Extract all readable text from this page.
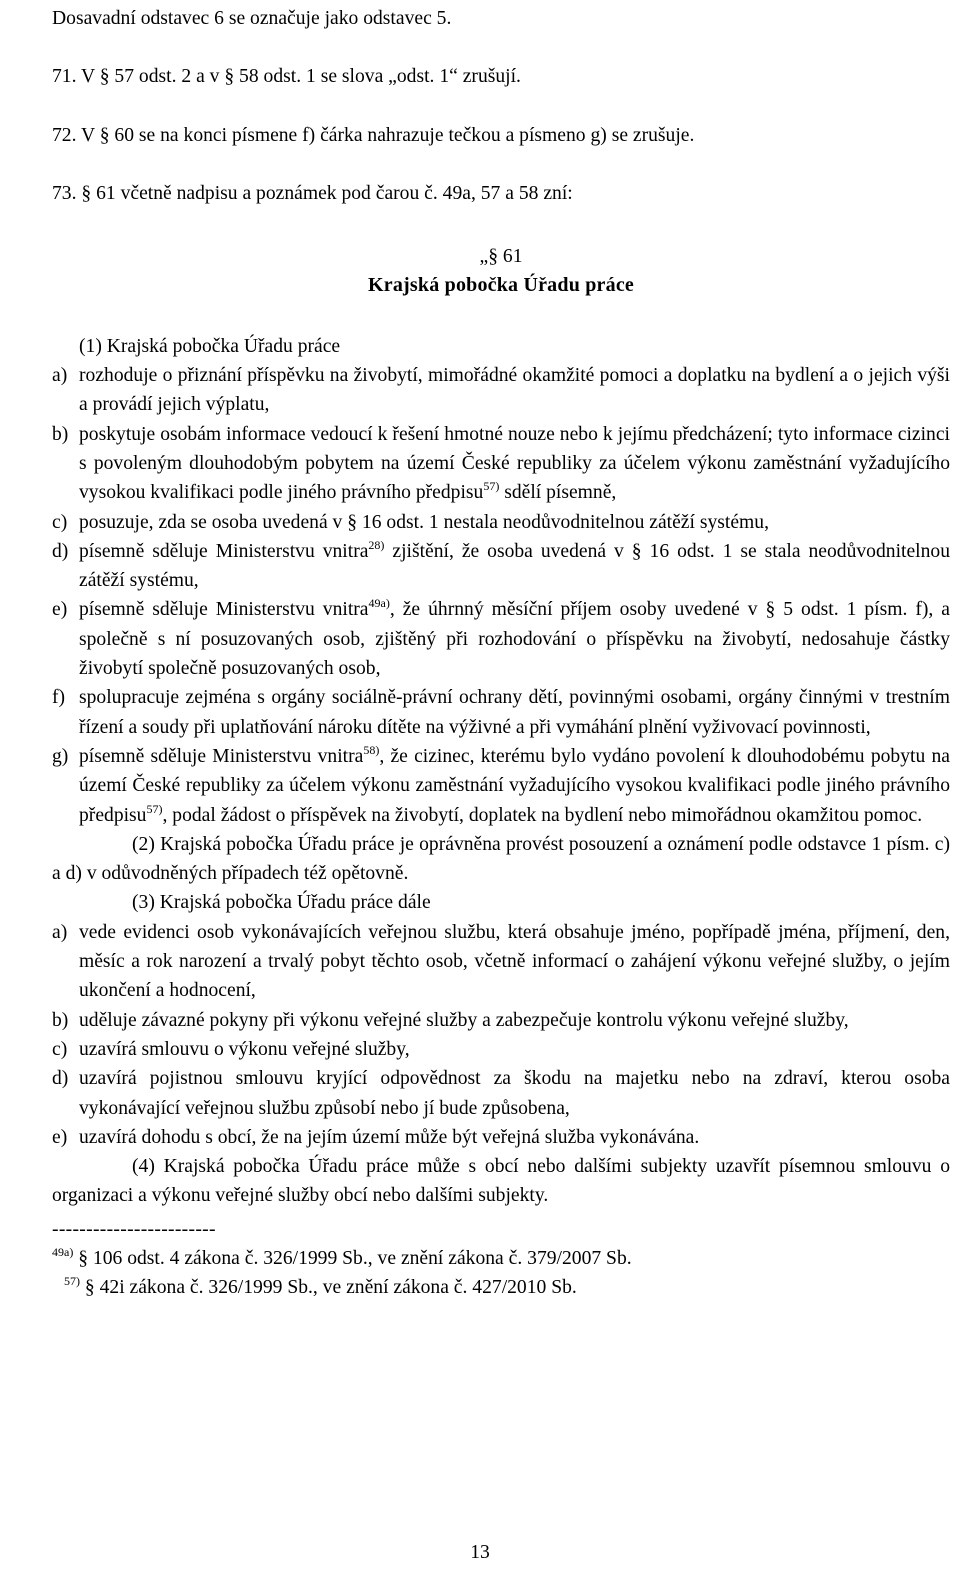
Dosavadní odstavec 6 se označuje jako odstavec 5.

71. V § 57 odst. 2 a v § 58 odst. 1 se slova „odst. 1“ zrušují.

72. V § 60 se na konci písmene f) čárka nahrazuje tečkou a písmeno g) se zrušuje.

73. § 61 včetně nadpisu a poznámek pod čarou č. 49a, 57 a 58 zní:

„§ 61
Krajská pobočka Úřadu práce
(1) Krajská pobočka Úřadu práce

a) rozhoduje o přiznání příspěvku na živobytí, mimořádné okamžité pomoci a doplatku na bydlení a o jejich výši a provádí jejich výplatu,

b) poskytuje osobám informace vedoucí k řešení hmotné nouze nebo k jejímu předcházení; tyto informace cizinci s povoleným dlouhodobým pobytem na území České republiky za účelem výkonu zaměstnání vyžadujícího vysokou kvalifikaci podle jiného právního předpisu$^{57)}$ sdělí písemně,

c) posuzuje, zda se osoba uvedená v § 16 odst. 1 nestala neodůvodnitelnou zátěží systému,

d) písemně sděluje Ministerstvu vnitra$^{28)}$ zjištění, že osoba uvedená v § 16 odst. 1 se stala neodůvodnitelnou zátěží systému,

e) písemně sděluje Ministerstvu vnitra$^{49a)}$, že úhrnný měsíční příjem osoby uvedené v § 5 odst. 1 písm. f), a společně s ní posuzovaných osob, zjištěný při rozhodování o příspěvku na živobytí, nedosahuje částky živobytí společně posuzovaných osob,

f) spolupracuje zejména s orgány sociálně-právní ochrany dětí, povinnými osobami, orgány činnými v trestním řízení a soudy při uplatňování nároku dítěte na výživné a při vymáhání plnění vyživovací povinnosti,

g) písemně sděluje Ministerstvu vnitra$^{58)}$, že cizinec, kterému bylo vydáno povolení k dlouhodobému pobytu na území České republiky za účelem výkonu zaměstnání vyžadujícího vysokou kvalifikaci podle jiného právního předpisu$^{57)}$, podal žádost o příspěvek na živobytí, doplatek na bydlení nebo mimořádnou okamžitou pomoc.

(2) Krajská pobočka Úřadu práce je oprávněna provést posouzení a oznámení podle odstavce 1 písm. c) a d) v odůvodněných případech též opětovně.

(3) Krajská pobočka Úřadu práce dále

a) vede evidenci osob vykonávajících veřejnou službu, která obsahuje jméno, popřípadě jména, příjmení, den, měsíc a rok narození a trvalý pobyt těchto osob, včetně informací o zahájení výkonu veřejné služby, o jejím ukončení a hodnocení,

b) uděluje závazné pokyny při výkonu veřejné služby a zabezpečuje kontrolu výkonu veřejné služby,

c) uzavírá smlouvu o výkonu veřejné služby,

d) uzavírá pojistnou smlouvu kryjící odpovědnost za škodu na majetku nebo na zdraví, kterou osoba vykonávající veřejnou službu způsobí nebo jí bude způsobena,

e) uzavírá dohodu s obcí, že na jejím území může být veřejná služba vykonávána.

(4) Krajská pobočka Úřadu práce může s obcí nebo dalšími subjekty uzavřít písemnou smlouvu o organizaci a výkonu veřejné služby obcí nebo dalšími subjekty.

------------------------

$^{49a)}$ § 106 odst. 4 zákona č. 326/1999 Sb., ve znění zákona č. 379/2007 Sb.

$^{57)}$ § 42i zákona č. 326/1999 Sb., ve znění zákona č. 427/2010 Sb.

13
